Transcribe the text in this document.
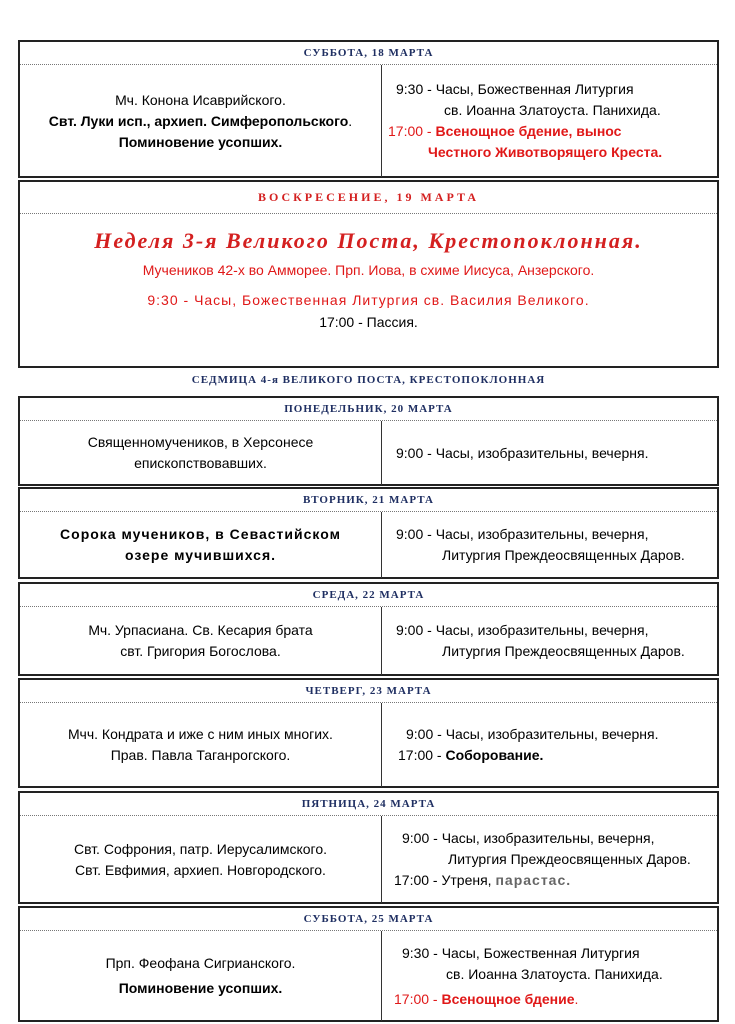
СУББОТА, 18 МАРТА
Мч. Конона Исаврийского.
Свт. Луки исп., архиеп. Симферопольского.
Поминовение усопших.
9:30 - Часы, Божественная Литургия
св. Иоанна Златоуста. Панихида.
17:00 - Всенощное бдение, вынос
Честного Животворящего Креста.
ВОСКРЕСЕНИЕ, 19 МАРТА
Неделя 3-я Великого Поста, Крестопоклонная.
Мучеников 42-х во Амморее. Прп. Иова, в схиме Иисуса, Анзерского.
9:30 - Часы, Божественная Литургия св. Василия Великого.
17:00 - Пассия.
СЕДМИЦА 4-я ВЕЛИКОГО ПОСТА, КРЕСТОПОКЛОННАЯ
ПОНЕДЕЛЬНИК, 20 МАРТА
Священномучеников, в Херсонесе
епископствовавших.
9:00 - Часы, изобразительны, вечерня.
ВТОРНИК, 21 МАРТА
Сорока мучеников, в Севастийском
озере мучившихся.
9:00 - Часы, изобразительны, вечерня,
Литургия Преждеосвященных Даров.
СРЕДА, 22 МАРТА
Мч. Урпасиана. Св. Кесария брата
свт. Григория Богослова.
9:00 - Часы, изобразительны, вечерня,
Литургия Преждеосвященных Даров.
ЧЕТВЕРГ, 23 МАРТА
Мчч. Кондрата и иже с ним иных многих.
Прав. Павла Таганрогского.
9:00 - Часы, изобразительны, вечерня.
17:00 - Соборование.
ПЯТНИЦА, 24 МАРТА
Свт. Софрония, патр. Иерусалимского.
Свт. Евфимия, архиеп. Новгородского.
9:00 - Часы, изобразительны, вечерня,
Литургия Преждеосвященных Даров.
17:00 - Утреня, парастас.
СУББОТА, 25 МАРТА
Прп. Феофана Сигрианского.
Поминовение усопших.
9:30 - Часы, Божественная Литургия
св. Иоанна Златоуста. Панихида.
17:00 - Всенощное бдение.
